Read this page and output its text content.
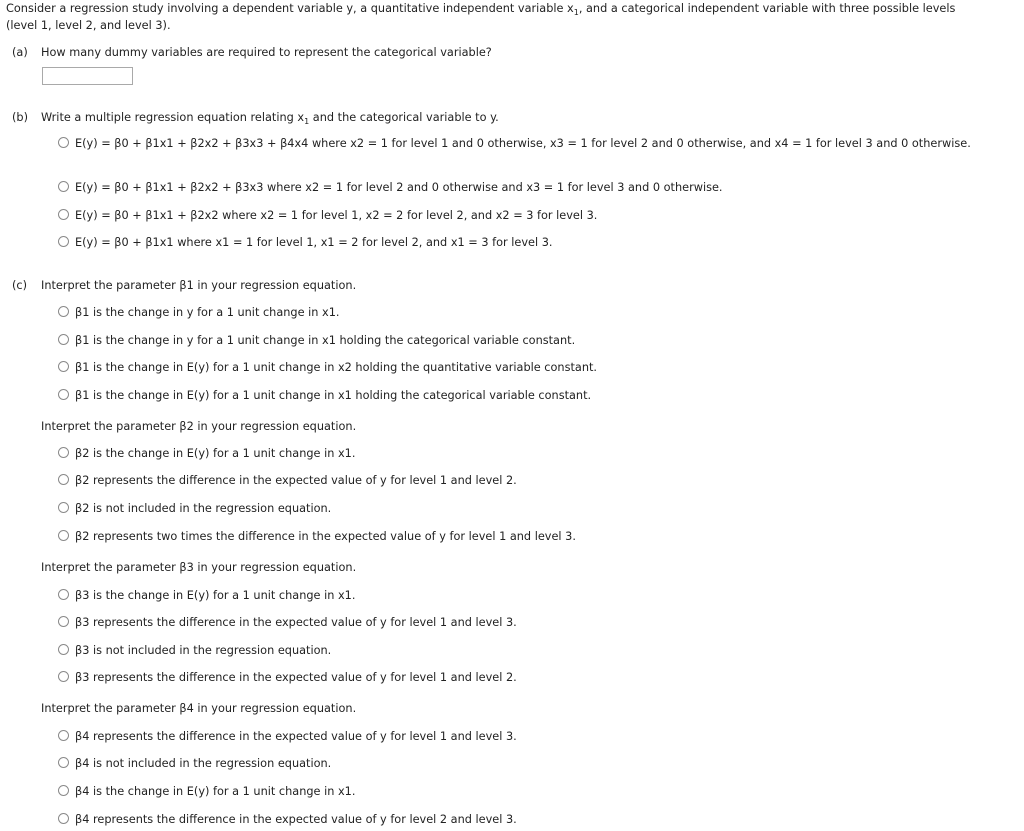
Consider a regression study involving a dependent variable y, a quantitative independent variable $x_1$, and a categorical independent variable with three possible levels
(level 1, level 2, and level 3).
(a) How many dummy variables are required to represent the categorical variable?
(b) Write a multiple regression equation relating $x_1$ and the categorical variable to y.
E(y) = β0 + β1x1 + β2x2 + β3x3 + β4x4 where x2 = 1 for level 1 and 0 otherwise, x3 = 1 for level 2 and 0 otherwise, and x4 = 1 for level 3 and 0 otherwise.
E(y) = β0 + β1x1 + β2x2 + β3x3 where x2 = 1 for level 2 and 0 otherwise and x3 = 1 for level 3 and 0 otherwise.
E(y) = β0 + β1x1 + β2x2 where x2 = 1 for level 1, x2 = 2 for level 2, and x2 = 3 for level 3.
E(y) = β0 + β1x1 where x1 = 1 for level 1, x1 = 2 for level 2, and x1 = 3 for level 3.
(c) Interpret the parameter β1 in your regression equation.
β1 is the change in y for a 1 unit change in x1.
β1 is the change in y for a 1 unit change in x1 holding the categorical variable constant.
β1 is the change in E(y) for a 1 unit change in x2 holding the quantitative variable constant.
β1 is the change in E(y) for a 1 unit change in x1 holding the categorical variable constant.
Interpret the parameter β2 in your regression equation.
β2 is the change in E(y) for a 1 unit change in x1.
β2 represents the difference in the expected value of y for level 1 and level 2.
β2 is not included in the regression equation.
β2 represents two times the difference in the expected value of y for level 1 and level 3.
Interpret the parameter β3 in your regression equation.
β3 is the change in E(y) for a 1 unit change in x1.
β3 represents the difference in the expected value of y for level 1 and level 3.
β3 is not included in the regression equation.
β3 represents the difference in the expected value of y for level 1 and level 2.
Interpret the parameter β4 in your regression equation.
β4 represents the difference in the expected value of y for level 1 and level 3.
β4 is not included in the regression equation.
β4 is the change in E(y) for a 1 unit change in x1.
β4 represents the difference in the expected value of y for level 2 and level 3.
